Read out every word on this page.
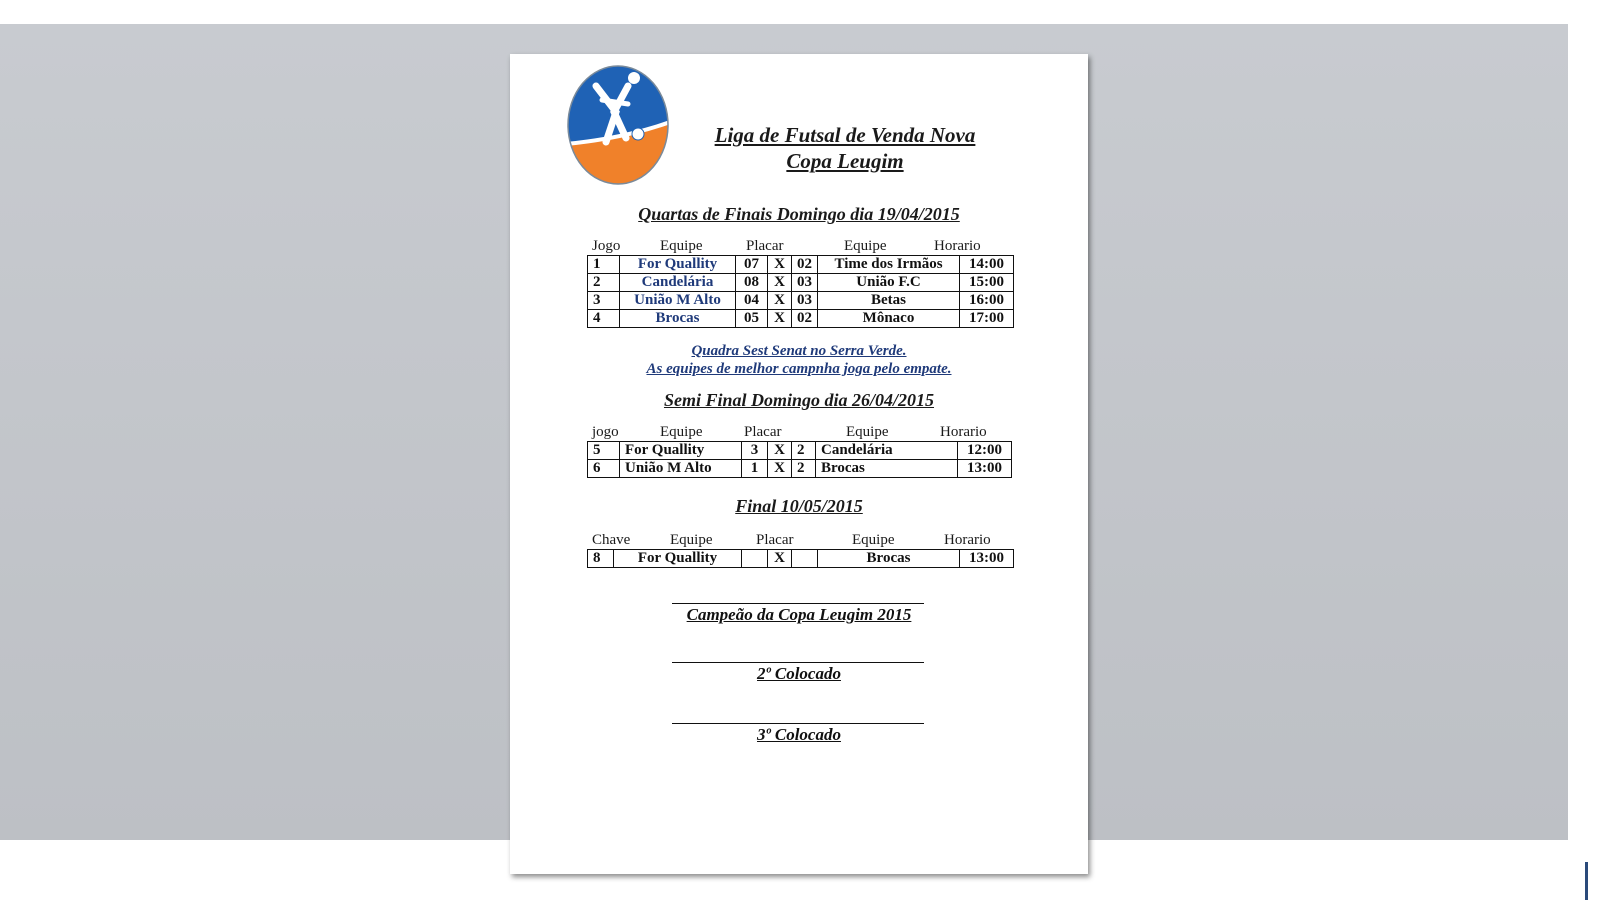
Liga de Futsal de Venda Nova
Copa Leugim
Quartas de Finais Domingo dia 19/04/2015
Jogo	Equipe	Placar	Equipe	Horario
1	For Quallity	07	X	02	Time dos Irmãos	14:00
2	Candelária	08	X	03	União F.C	15:00
3	União M Alto	04	X	03	Betas	16:00
4	Brocas	05	X	02	Mônaco	17:00
Quadra Sest Senat no Serra Verde.
As equipes de melhor campnha joga pelo empate.
Semi Final Domingo dia 26/04/2015
jogo	Equipe	Placar	Equipe	Horario
5	For Quallity	3	X	2	Candelária	12:00
6	União M Alto	1	X	2	Brocas	13:00
Final 10/05/2015
Chave	Equipe	Placar	Equipe	Horario
8	For Quallity		X		Brocas	13:00
Campeão da Copa Leugim 2015
2º Colocado
3º Colocado
